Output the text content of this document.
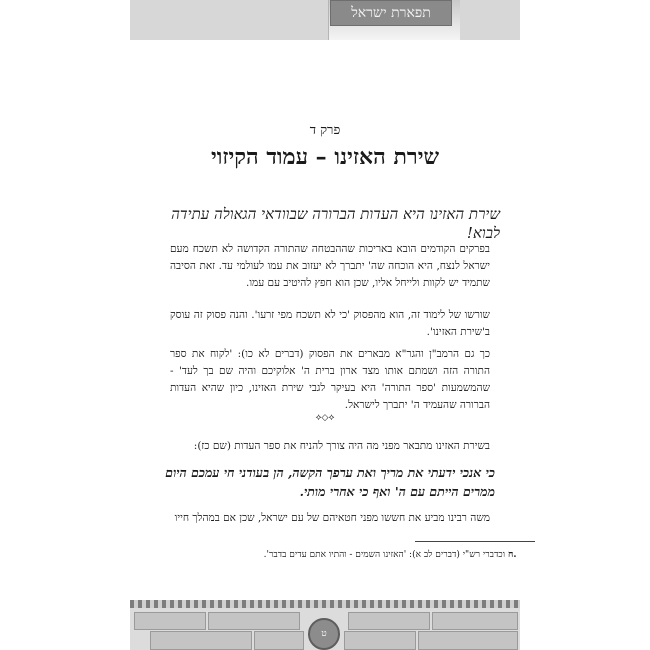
תפארת ישראל
פרק ד
שירת האזינו – עמוד הקיזוי
שירת האזינו היא העדות הברורה שבוודאי הגאולה עתידה לבוא!

בפרקים הקודמים הובא באריכות שההבטחה שהתורה הקדושה לא תשכח מעם ישראל לנצח, היא הוכחה שה' יתברך לא יעזוב את עמו לעולמי עד. זאת הסיבה שתמיד יש לקוות ולייחל אליו, שכן הוא חפץ להיטיב עם עמו.

שורשו של לימוד זה, הוא מהפסוק 'כי לא תשכח מפי זרעו'. והנה פסוק זה עוסק ב'שירת האזינו'.

כך גם הרמב"ן והגר"א מבארים את הפסוק (דברים לא כו): 'לקוח את ספר התורה הזה ושמתם אותו מצד ארון ברית ה' אלוקיכם והיה שם בך לעד' - שהמשמעות 'ספר התורה' היא בעיקר לגבי שירת האזינו, כיון שהיא העדות הברורה שהעמיד ה' יתברך לישראל.

⟡◇⟡

בשירת האזינו מתבאר מפני מה היה צורך להניח את ספר העדות (שם כז):

כי אנכי ידעתי את מריך ואת ערפך הקשה, הן בעודני חי עמכם היום ממרים הייתם עם ה' ואף כי אחרי מותי.

משה רבינו מביע את חששו מפני חטאיהם של עם ישראל, שכן אם במהלך חייו

ח.
וכדברי רש"י (דברים לב א): 'האזינו השמים - והתיו אתם עדים בדבר'.
ט
